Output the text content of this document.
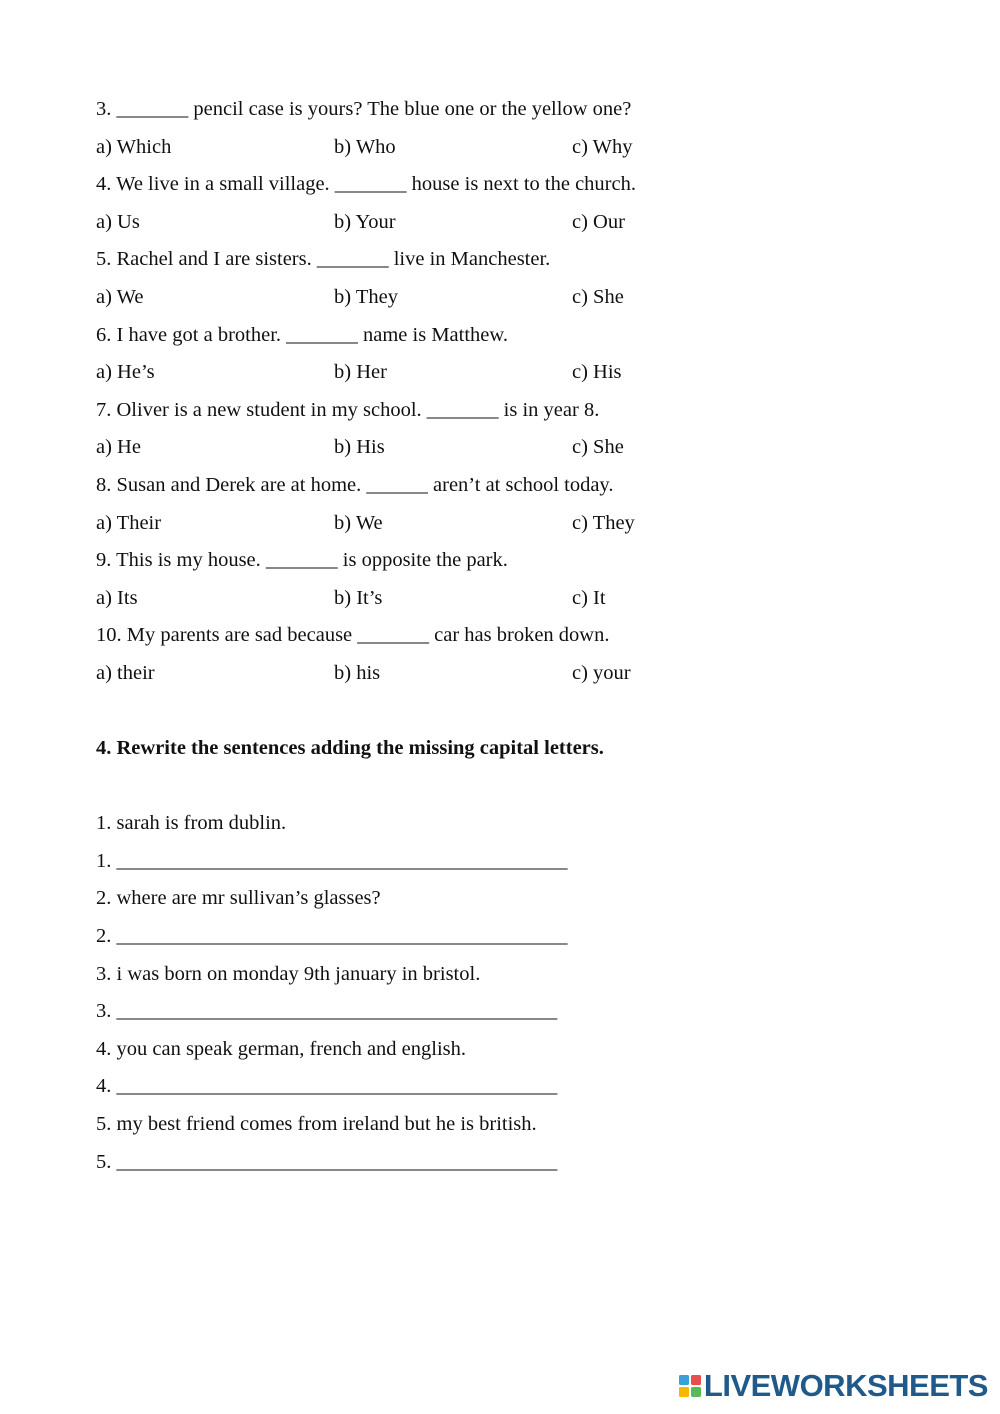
3. _______ pencil case is yours? The blue one or the yellow one?
a) Which	b) Who	c) Why
4. We live in a small village. _______ house is next to the church.
a) Us	b) Your	c) Our
5. Rachel and I are sisters. _______ live in Manchester.
a) We	b) They	c) She
6. I have got a brother. _______ name is Matthew.
a) He’s	b) Her	c) His
7. Oliver is a new student in my school. _______ is in year 8.
a) He	b) His	c) She
8. Susan and Derek are at home. ______ aren’t at school today.
a) Their	b) We	c) They
9. This is my house. _______ is opposite the park.
a) Its	b) It’s	c) It
10. My parents are sad because _______ car has broken down.
a) their	b) his	c) your
4. Rewrite the sentences adding the missing capital letters.
1. sarah is from dublin.
1. ____________________________________________
2. where are mr sullivan’s glasses?
2. ____________________________________________
3. i was born on monday 9th january in bristol.
3. ___________________________________________
4. you can speak german, french and english.
4. ___________________________________________
5. my best friend comes from ireland but he is british.
5. ___________________________________________
LIVEWORKSHEETS
